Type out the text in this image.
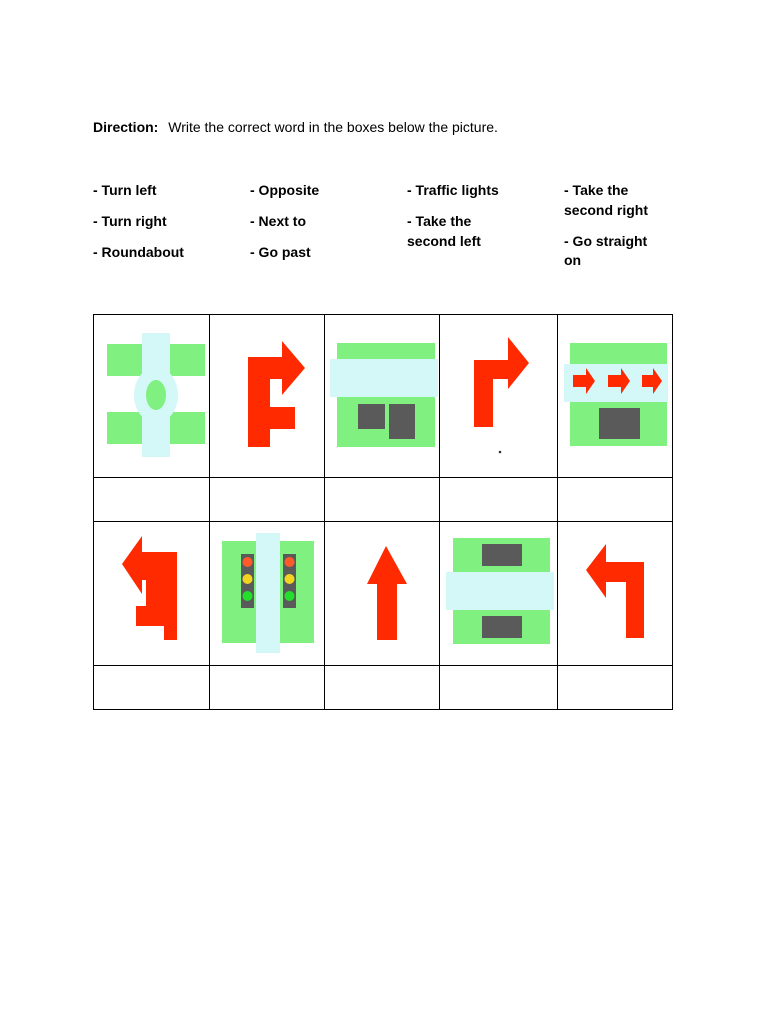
Direction: Write the correct word in the boxes below the picture.
- Turn left
- Turn right
- Roundabout
- Opposite
- Next to
- Go past
- Traffic lights
- Take the second left
- Take the second right
- Go straight on
